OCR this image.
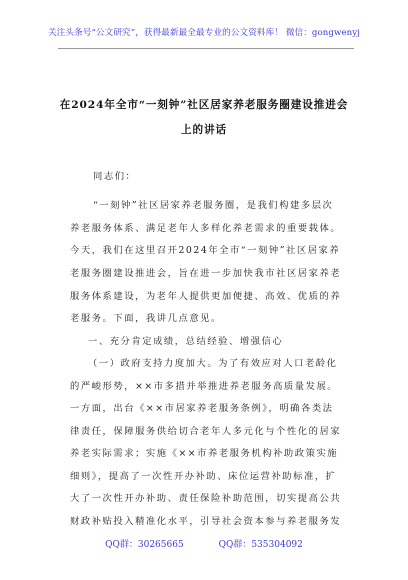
关注头条号“公文研究”，获得最新最全最专业的公文资料库！ 微信：gongwenyj
在2024年全市“一刻钟”社区居家养老服务圈建设推进会
上的讲话
同志们：
“一刻钟”社区居家养老服务圈，是我们构建多层次
养老服务体系、满足老年人多样化养老需求的重要载体。
今天，我们在这里召开2024年全市“一刻钟”社区居家养
老服务圈建设推进会，旨在进一步加快我市社区居家养老
服务体系建设，为老年人提供更加便捷、高效、优质的养
老服务。下面，我讲几点意见。
一、充分肯定成绩，总结经验、增强信心
（一）政府支持力度加大。为了有效应对人口老龄化
的严峻形势，××市多措并举推进养老服务高质量发展。
一方面，出台《××市居家养老服务条例》，明确各类法
律责任，保障服务供给切合老年人多元化与个性化的居家
养老实际需求；实施《××市养老服务机构补助政策实施
细则》，提高了一次性开办补助、床位运营补助标准，扩
大了一次性开办补助、责任保险补助范围，切实提高公共
财政补贴投入精准化水平，引导社会资本参与养老服务发
QQ群：30265665	QQ群：535304092
